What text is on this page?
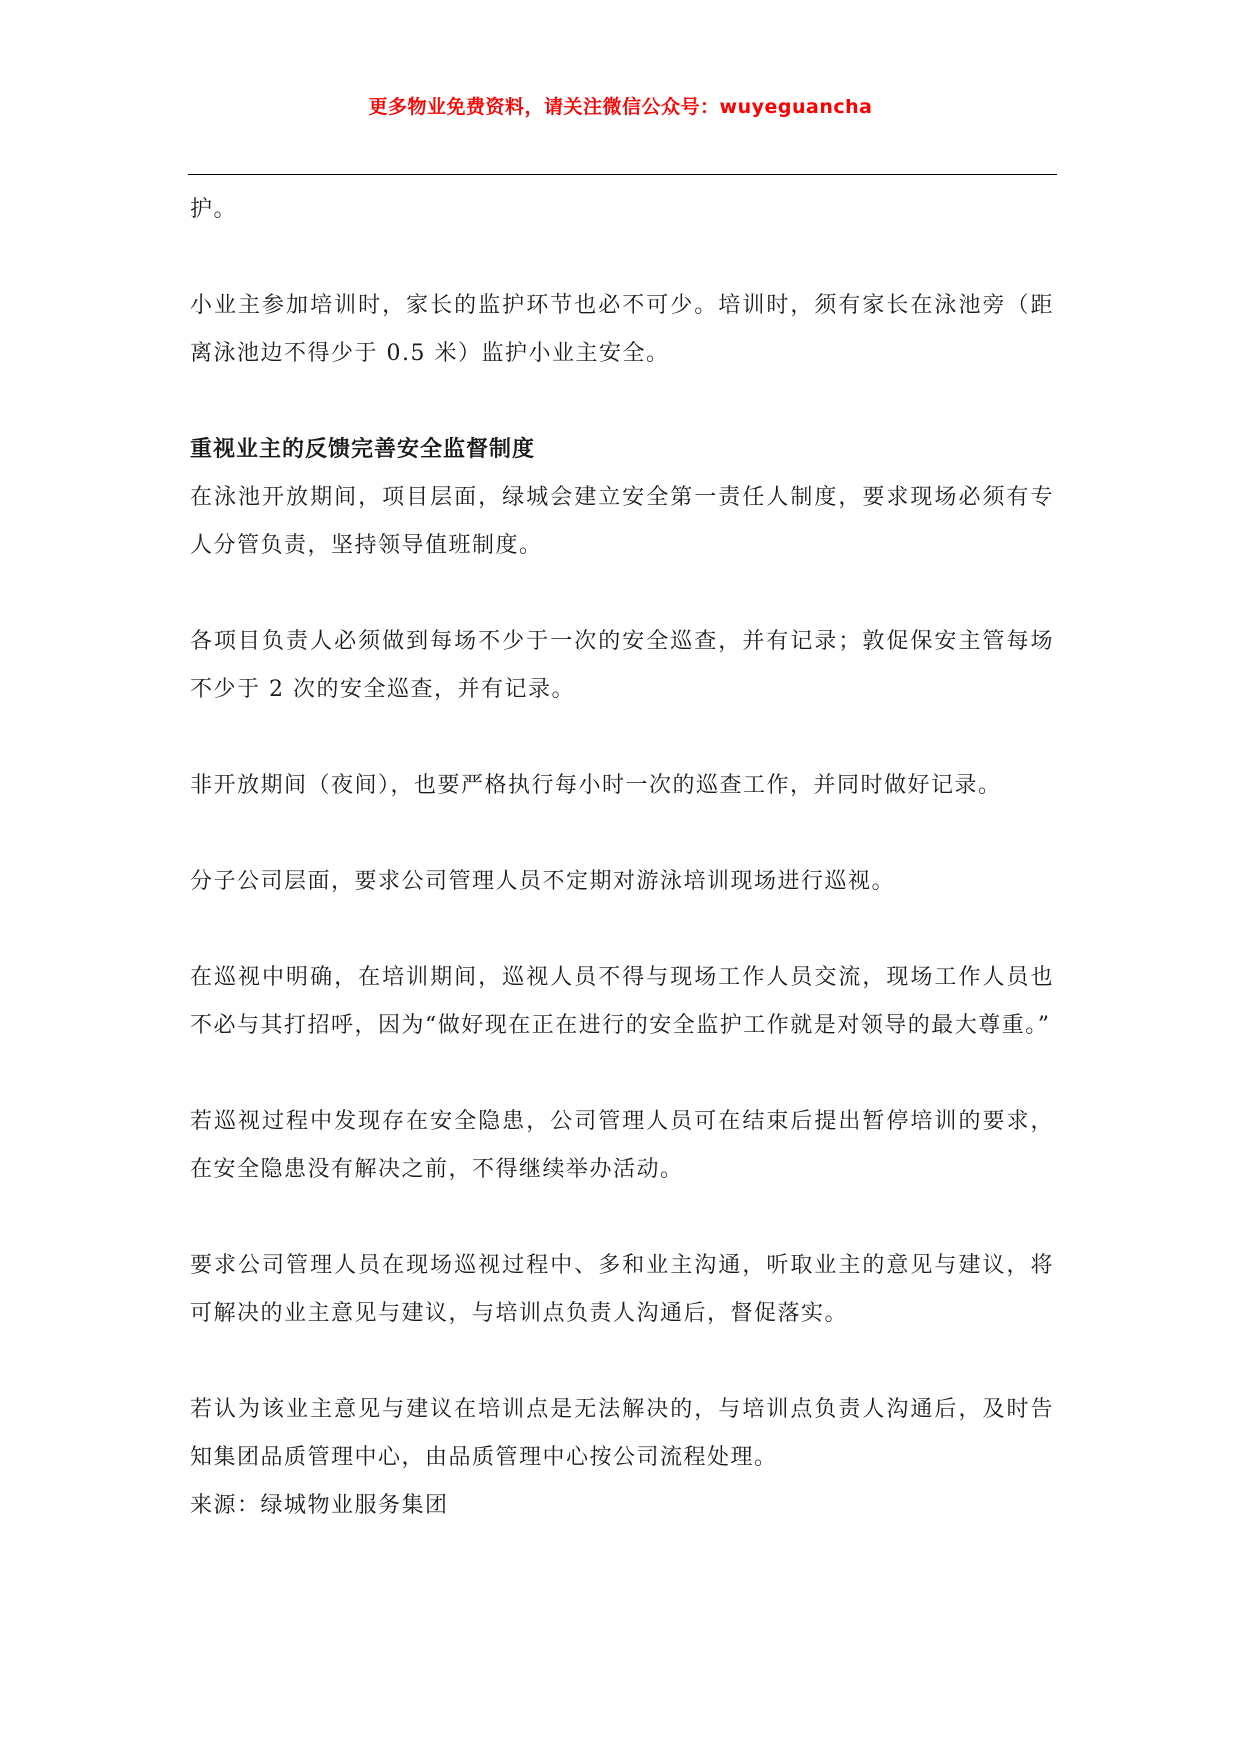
更多物业免费资料，请关注微信公众号：wuyeguancha

护。

小业主参加培训时，家长的监护环节也必不可少。培训时，须有家长在泳池旁（距离泳池边不得少于 0.5 米）监护小业主安全。

重视业主的反馈完善安全监督制度

在泳池开放期间，项目层面，绿城会建立安全第一责任人制度，要求现场必须有专人分管负责，坚持领导值班制度。

各项目负责人必须做到每场不少于一次的安全巡查，并有记录；敦促保安主管每场不少于 2 次的安全巡查，并有记录。

非开放期间（夜间），也要严格执行每小时一次的巡查工作，并同时做好记录。

分子公司层面，要求公司管理人员不定期对游泳培训现场进行巡视。

在巡视中明确，在培训期间，巡视人员不得与现场工作人员交流，现场工作人员也不必与其打招呼，因为“做好现在正在进行的安全监护工作就是对领导的最大尊重。”

若巡视过程中发现存在安全隐患，公司管理人员可在结束后提出暂停培训的要求，在安全隐患没有解决之前，不得继续举办活动。

要求公司管理人员在现场巡视过程中、多和业主沟通，听取业主的意见与建议，将可解决的业主意见与建议，与培训点负责人沟通后，督促落实。

若认为该业主意见与建议在培训点是无法解决的，与培训点负责人沟通后，及时告知集团品质管理中心，由品质管理中心按公司流程处理。

来源：绿城物业服务集团
